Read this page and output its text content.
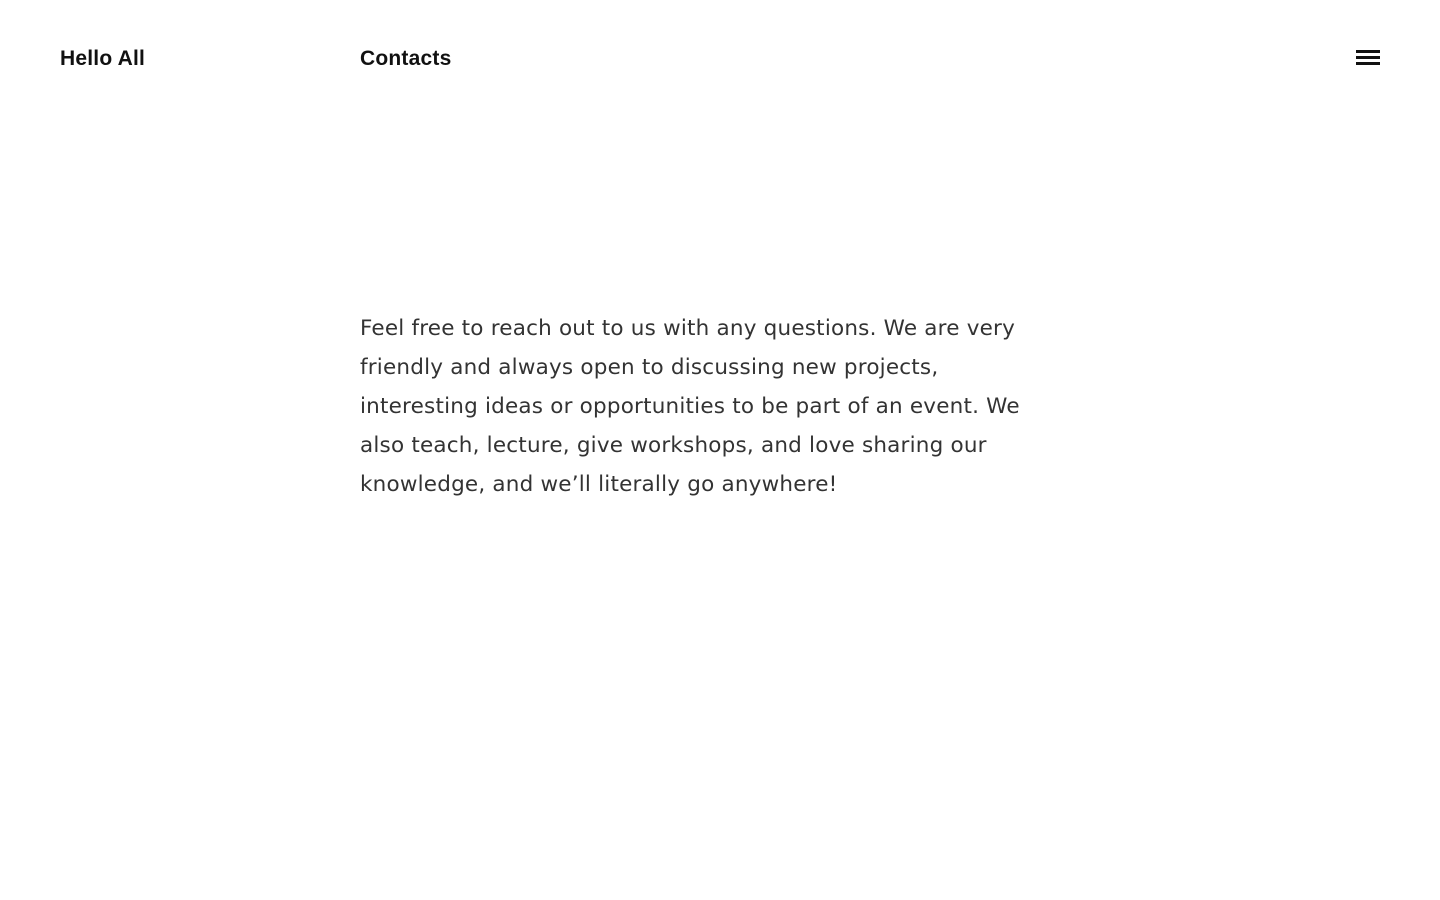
Hello All	Contacts

Feel free to reach out to us with any questions. We are very friendly and always open to discussing new projects, interesting ideas or opportunities to be part of an event. We also teach, lecture, give workshops, and love sharing our knowledge, and we’ll literally go anywhere!
